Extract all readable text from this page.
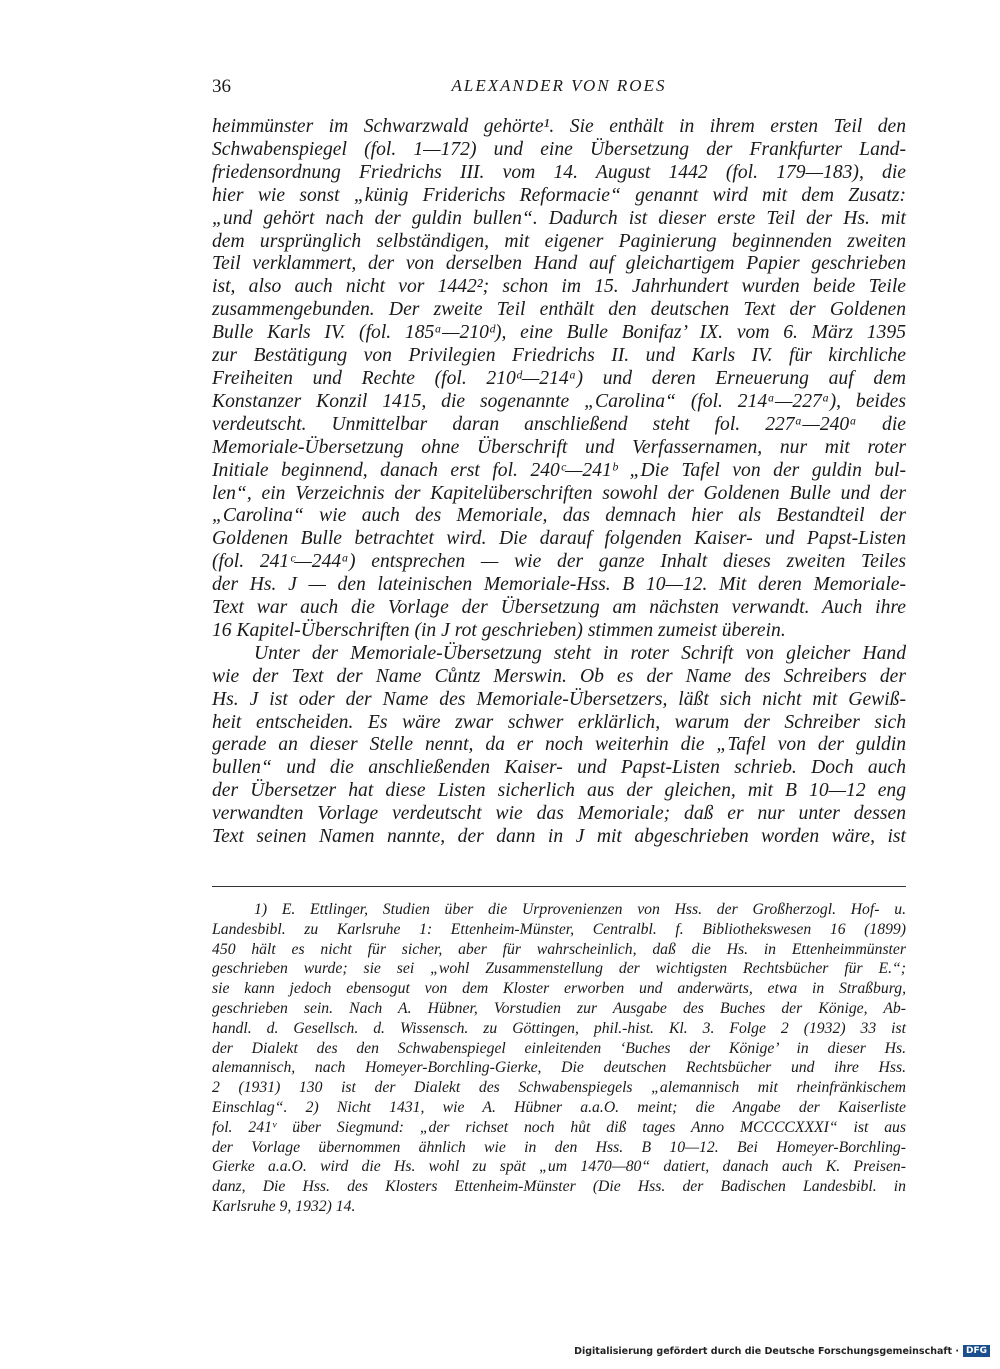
36	ALEXANDER VON ROES
heimmünster im Schwarzwald gehörte¹. Sie enthält in ihrem ersten Teil den
Schwabenspiegel (fol. 1—172) und eine Übersetzung der Frankfurter Land-
friedensordnung Friedrichs III. vom 14. August 1442 (fol. 179—183), die
hier wie sonst „künig Friderichs Reformacie“ genannt wird mit dem Zusatz:
„und gehört nach der guldin bullen“. Dadurch ist dieser erste Teil der Hs. mit
dem ursprünglich selbständigen, mit eigener Paginierung beginnenden zweiten
Teil verklammert, der von derselben Hand auf gleichartigem Papier geschrieben
ist, also auch nicht vor 1442²; schon im 15. Jahrhundert wurden beide Teile
zusammengebunden. Der zweite Teil enthält den deutschen Text der Goldenen
Bulle Karls IV. (fol. 185ᵃ—210ᵈ), eine Bulle Bonifaz’ IX. vom 6. März 1395
zur Bestätigung von Privilegien Friedrichs II. und Karls IV. für kirchliche
Freiheiten und Rechte (fol. 210ᵈ—214ᵃ) und deren Erneuerung auf dem
Konstanzer Konzil 1415, die sogenannte „Carolina“ (fol. 214ᵃ—227ᵃ), beides
verdeutscht. Unmittelbar daran anschließend steht fol. 227ᵃ—240ᵃ die
Memoriale-Übersetzung ohne Überschrift und Verfassernamen, nur mit roter
Initiale beginnend, danach erst fol. 240ᶜ—241ᵇ „Die Tafel von der guldin bul-
len“, ein Verzeichnis der Kapitelüberschriften sowohl der Goldenen Bulle und der
„Carolina“ wie auch des Memoriale, das demnach hier als Bestandteil der
Goldenen Bulle betrachtet wird. Die darauf folgenden Kaiser- und Papst-Listen
(fol. 241ᶜ—244ᵃ) entsprechen — wie der ganze Inhalt dieses zweiten Teiles
der Hs. J — den lateinischen Memoriale-Hss. B 10—12. Mit deren Memoriale-
Text war auch die Vorlage der Übersetzung am nächsten verwandt. Auch ihre
16 Kapitel-Überschriften (in J rot geschrieben) stimmen zumeist überein.
Unter der Memoriale-Übersetzung steht in roter Schrift von gleicher Hand
wie der Text der Name Cůntz Merswin. Ob es der Name des Schreibers der
Hs. J ist oder der Name des Memoriale-Übersetzers, läßt sich nicht mit Gewiß-
heit entscheiden. Es wäre zwar schwer erklärlich, warum der Schreiber sich
gerade an dieser Stelle nennt, da er noch weiterhin die „Tafel von der guldin
bullen“ und die anschließenden Kaiser- und Papst-Listen schrieb. Doch auch
der Übersetzer hat diese Listen sicherlich aus der gleichen, mit B 10—12 eng
verwandten Vorlage verdeutscht wie das Memoriale; daß er nur unter dessen
Text seinen Namen nannte, der dann in J mit abgeschrieben worden wäre, ist
1) E. Ettlinger, Studien über die Urprovenienzen von Hss. der Großherzogl. Hof- u.
Landesbibl. zu Karlsruhe 1: Ettenheim-Münster, Centralbl. f. Bibliothekswesen 16 (1899)
450 hält es nicht für sicher, aber für wahrscheinlich, daß die Hs. in Ettenheimmünster
geschrieben wurde; sie sei „wohl Zusammenstellung der wichtigsten Rechtsbücher für E.“;
sie kann jedoch ebensogut von dem Kloster erworben und anderwärts, etwa in Straßburg,
geschrieben sein. Nach A. Hübner, Vorstudien zur Ausgabe des Buches der Könige, Ab-
handl. d. Gesellsch. d. Wissensch. zu Göttingen, phil.-hist. Kl. 3. Folge 2 (1932) 33 ist
der Dialekt des den Schwabenspiegel einleitenden ‘Buches der Könige’ in dieser Hs.
alemannisch, nach Homeyer-Borchling-Gierke, Die deutschen Rechtsbücher und ihre Hss.
2 (1931) 130 ist der Dialekt des Schwabenspiegels „alemannisch mit rheinfränkischem
Einschlag“. 2) Nicht 1431, wie A. Hübner a.a.O. meint; die Angabe der Kaiserliste
fol. 241ᵛ über Siegmund: „der richset noch hůt diß tages Anno MCCCCXXXI“ ist aus
der Vorlage übernommen ähnlich wie in den Hss. B 10—12. Bei Homeyer-Borchling-
Gierke a.a.O. wird die Hs. wohl zu spät „um 1470—80“ datiert, danach auch K. Preisen-
danz, Die Hss. des Klosters Ettenheim-Münster (Die Hss. der Badischen Landesbibl. in
Karlsruhe 9, 1932) 14.
Digitalisierung gefördert durch die Deutsche Forschungsgemeinschaft · DFG
